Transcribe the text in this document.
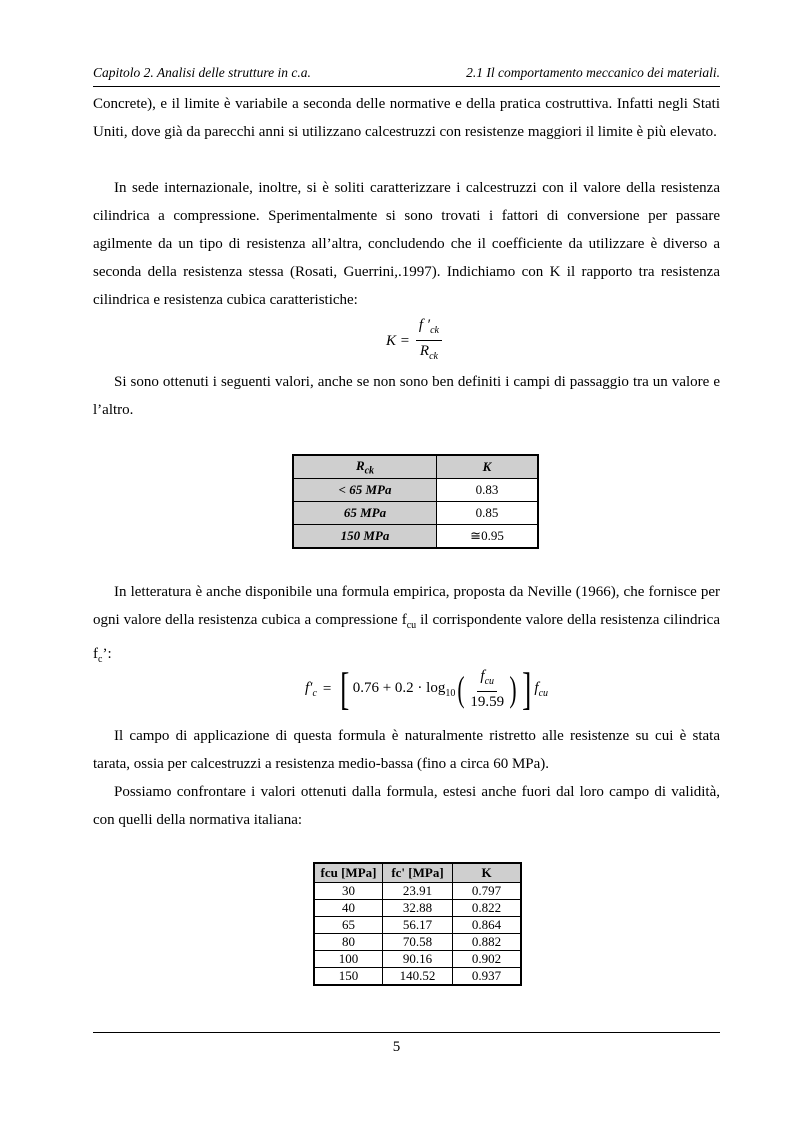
Capitolo 2. Analisi delle strutture in c.a.	2.1 Il comportamento meccanico dei materiali.

Concrete), e il limite è variabile a seconda delle normative e della pratica costruttiva. Infatti negli Stati Uniti, dove già da parecchi anni si utilizzano calcestruzzi con resistenze maggiori il limite è più elevato.

In sede internazionale, inoltre, si è soliti caratterizzare i calcestruzzi con il valore della resistenza cilindrica a compressione. Sperimentalmente si sono trovati i fattori di conversione per passare agilmente da un tipo di resistenza all’altra, concludendo che il coefficiente da utilizzare è diverso a seconda della resistenza stessa (Rosati, Guerrini,.1997). Indichiamo con K il rapporto tra resistenza cilindrica e resistenza cubica caratteristiche:

$K = \frac{f '_{ck}}{R_{ck}}$

Si sono ottenuti i seguenti valori, anche se non sono ben definiti i campi di passaggio tra un valore e l’altro.

$R_{ck}$	K
< 65 MPa	0.83
65 MPa	0.85
150 MPa	≅0.95

In letteratura è anche disponibile una formula empirica, proposta da Neville (1966), che fornisce per ogni valore della resistenza cubica a compressione $f_{cu}$ il corrispondente valore della resistenza cilindrica $f_c$’:

$f'_c$ = [ $0.76 + 0.2 \cdot \log_{10}$ ( $\frac{f_{cu}}{19.59}$ ) ] $f_{cu}$

Il campo di applicazione di questa formula è naturalmente ristretto alle resistenze su cui è stata tarata, ossia per calcestruzzi a resistenza medio-bassa (fino a circa 60 MPa).

Possiamo confrontare i valori ottenuti dalla formula, estesi anche fuori dal loro campo di validità, con quelli della normativa italiana:

fcu [MPa]	fc' [MPa]	K
30	23.91	0.797
40	32.88	0.822
65	56.17	0.864
80	70.58	0.882
100	90.16	0.902
150	140.52	0.937
5
